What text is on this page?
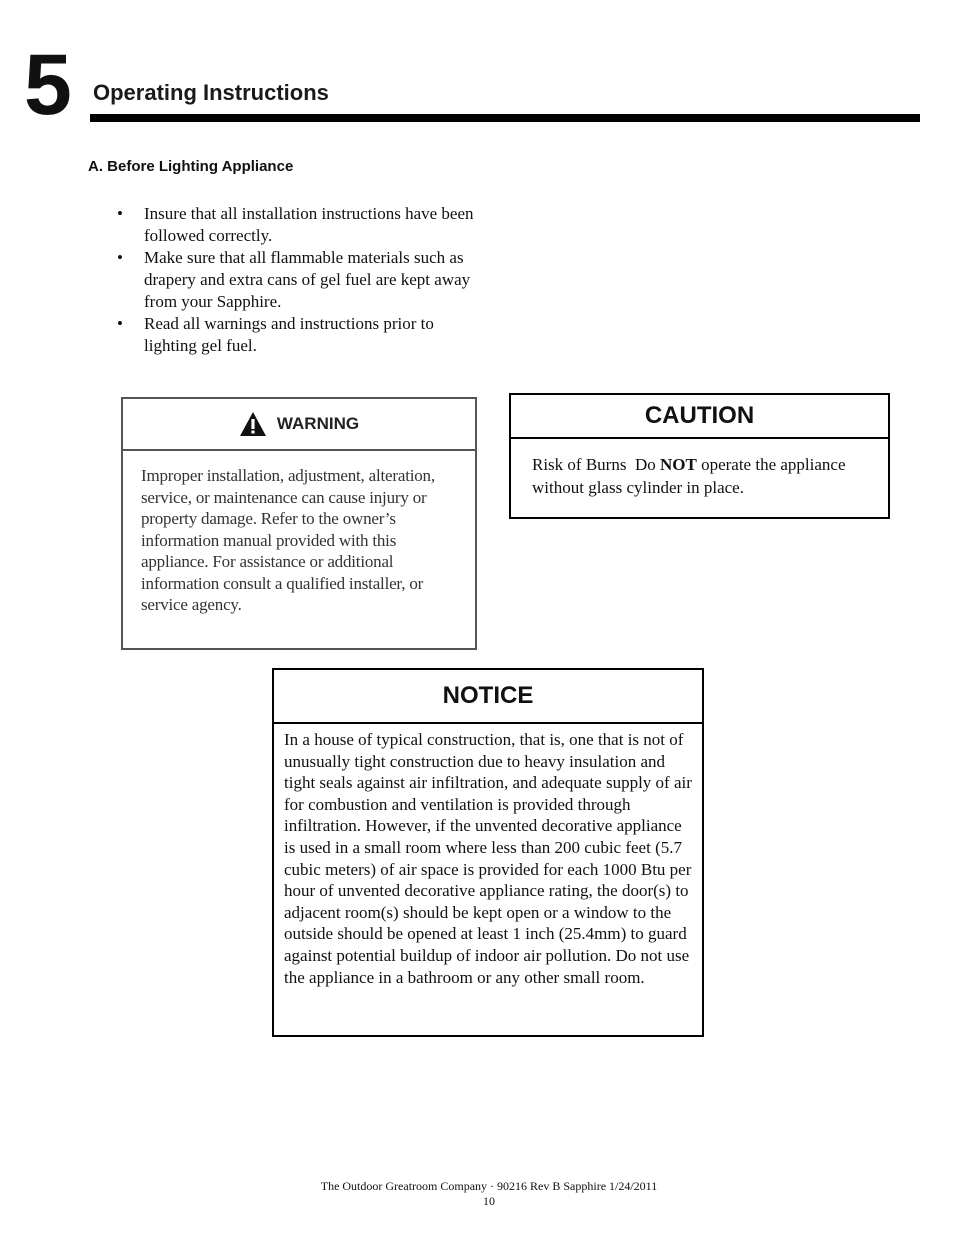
5 Operating Instructions
A. Before Lighting Appliance
• Insure that all installation instructions have been followed correctly.
• Make sure that all flammable materials such as drapery and extra cans of gel fuel are kept away from your Sapphire.
• Read all warnings and instructions prior to lighting gel fuel.
WARNING
Improper installation, adjustment, alteration, service, or maintenance can cause injury or property damage. Refer to the owner’s information manual provided with this appliance. For assistance or additional information consult a qualified installer, or service agency.
CAUTION
Risk of Burns  Do NOT operate the appliance without glass cylinder in place.
NOTICE
In a house of typical construction, that is, one that is not of unusually tight construction due to heavy insulation and tight seals against air infiltration, and adequate supply of air for combustion and ventilation is provided through infiltration. However, if the unvented decorative appliance is used in a small room where less than 200 cubic feet (5.7 cubic meters) of air space is provided for each 1000 Btu per hour of unvented decorative appliance rating, the door(s) to adjacent room(s) should be kept open or a window to the outside should be opened at least 1 inch (25.4mm) to guard against potential buildup of indoor air pollution. Do not use the appliance in a bathroom or any other small room.
The Outdoor Greatroom Company · 90216 Rev B Sapphire 1/24/2011
10
